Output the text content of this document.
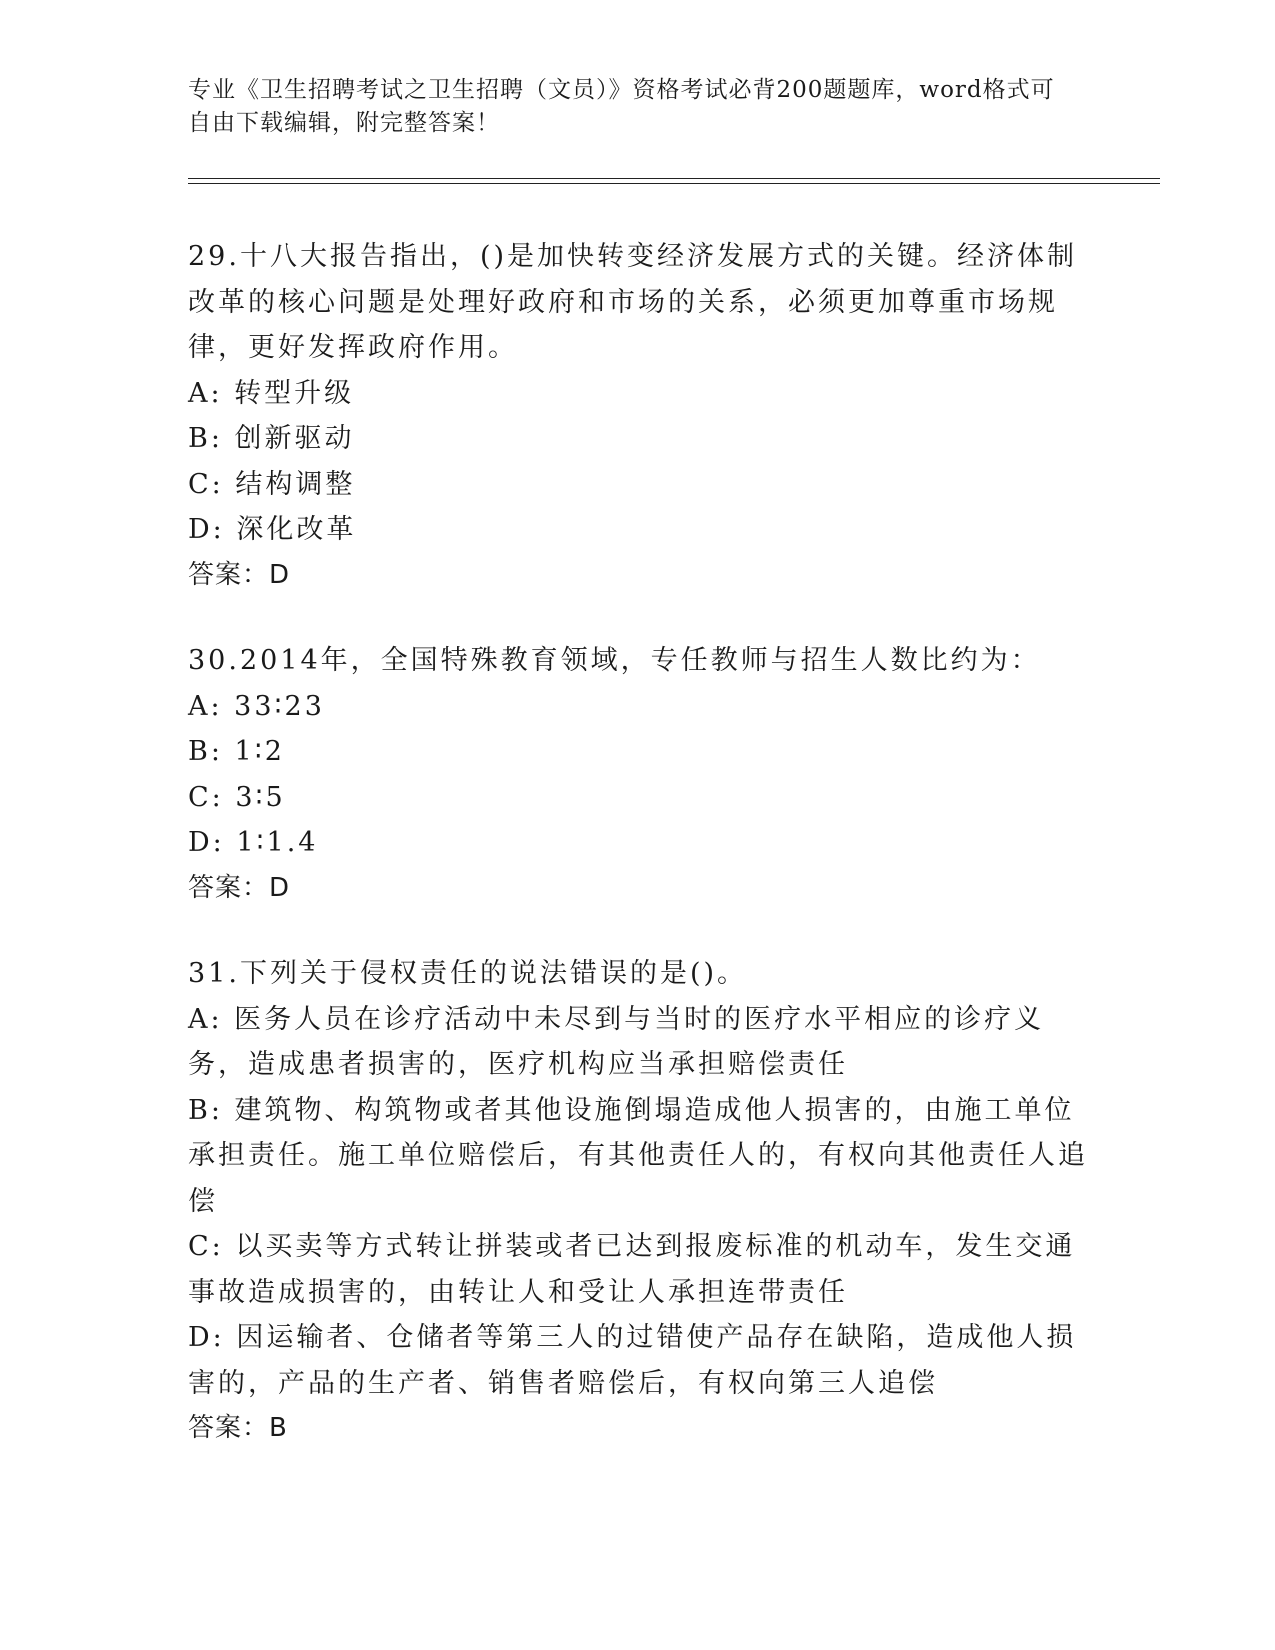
专业《卫生招聘考试之卫生招聘（文员）》资格考试必背200题题库，word格式可自由下载编辑，附完整答案！
29.十八大报告指出，()是加快转变经济发展方式的关键。经济体制改革的核心问题是处理好政府和市场的关系，必须更加尊重市场规律，更好发挥政府作用。
A: 转型升级
B: 创新驱动
C: 结构调整
D: 深化改革
答案：D
30.2014年，全国特殊教育领域，专任教师与招生人数比约为：
A: 33∶23
B: 1∶2
C: 3∶5
D: 1∶1.4
答案：D
31.下列关于侵权责任的说法错误的是()。
A: 医务人员在诊疗活动中未尽到与当时的医疗水平相应的诊疗义务，造成患者损害的，医疗机构应当承担赔偿责任
B: 建筑物、构筑物或者其他设施倒塌造成他人损害的，由施工单位承担责任。施工单位赔偿后，有其他责任人的，有权向其他责任人追偿
C: 以买卖等方式转让拼装或者已达到报废标准的机动车，发生交通事故造成损害的，由转让人和受让人承担连带责任
D: 因运输者、仓储者等第三人的过错使产品存在缺陷，造成他人损害的，产品的生产者、销售者赔偿后，有权向第三人追偿
答案：B
